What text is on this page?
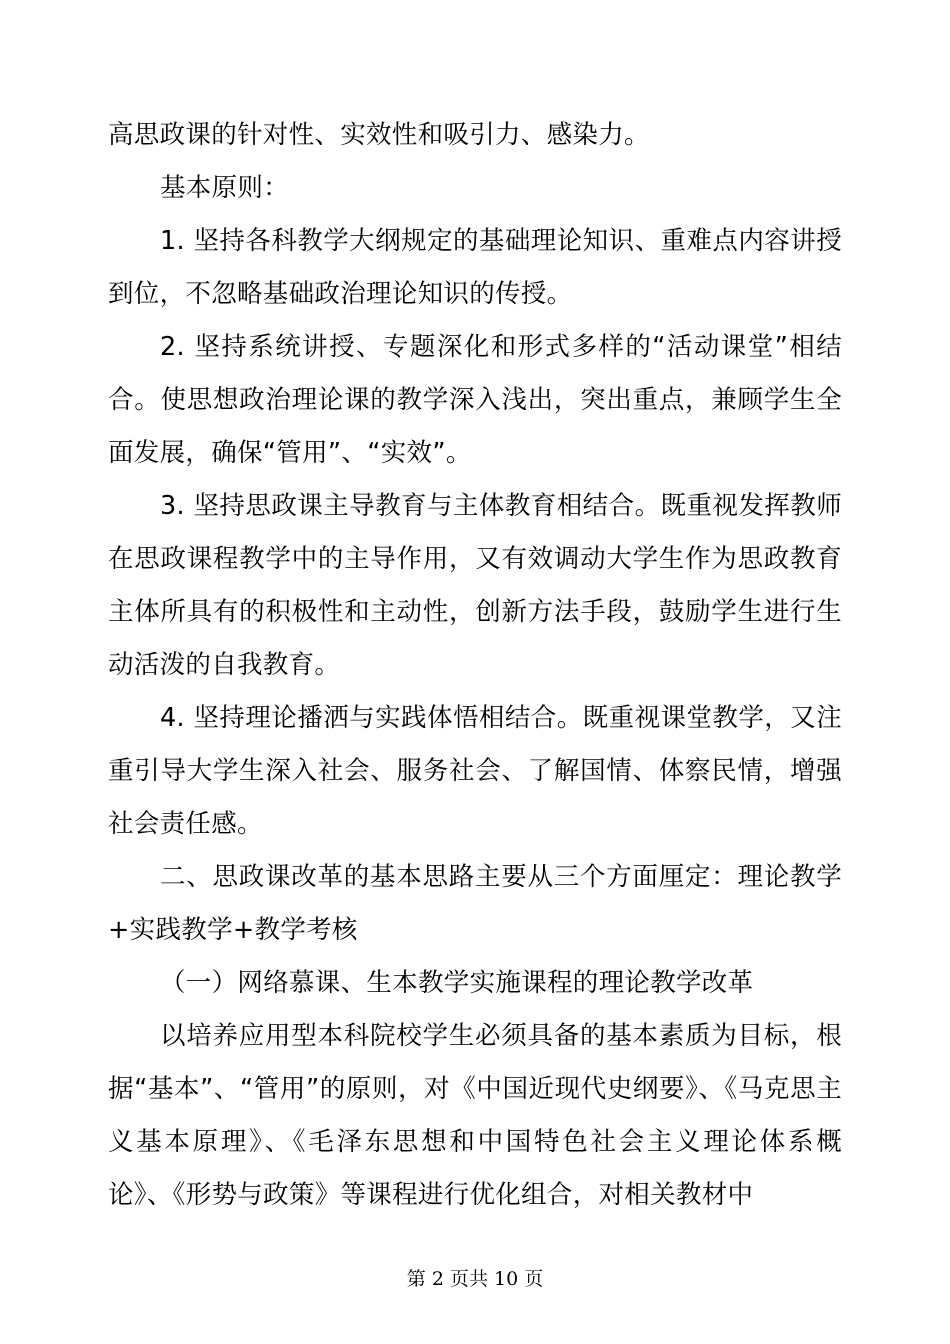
高思政课的针对性、实效性和吸引力、感染力。

基本原则：

1. 坚持各科教学大纲规定的基础理论知识、重难点内容讲授到位，不忽略基础政治理论知识的传授。

2. 坚持系统讲授、专题深化和形式多样的“活动课堂”相结合。使思想政治理论课的教学深入浅出，突出重点，兼顾学生全面发展，确保“管用”、“实效”。

3. 坚持思政课主导教育与主体教育相结合。既重视发挥教师在思政课程教学中的主导作用，又有效调动大学生作为思政教育主体所具有的积极性和主动性，创新方法手段，鼓励学生进行生动活泼的自我教育。

4. 坚持理论播洒与实践体悟相结合。既重视课堂教学，又注重引导大学生深入社会、服务社会、了解国情、体察民情，增强社会责任感。

二、思政课改革的基本思路主要从三个方面厘定：理论教学+实践教学+教学考核

（一）网络慕课、生本教学实施课程的理论教学改革

以培养应用型本科院校学生必须具备的基本素质为目标，根据“基本”、“管用”的原则，对《中国近现代史纲要》、《马克思主义基本原理》、《毛泽东思想和中国特色社会主义理论体系概论》、《形势与政策》等课程进行优化组合，对相关教材中

第 2 页共 10 页
